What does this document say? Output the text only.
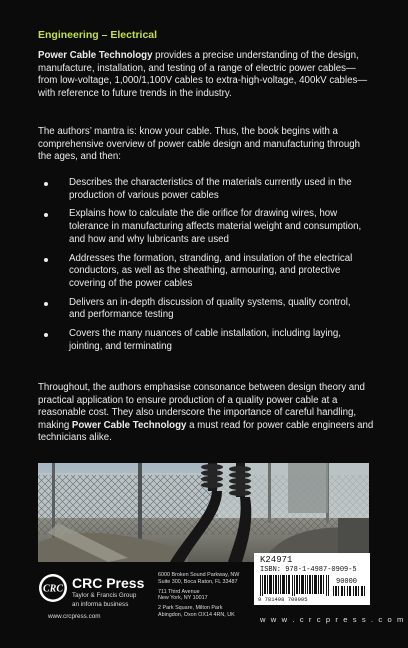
Engineering – Electrical
Power Cable Technology provides a precise understanding of the design, manufacture, installation, and testing of a range of electric power cables—from low-voltage, 1,000/1,100V cables to extra-high-voltage, 400kV cables—with reference to future trends in the industry.
The authors’ mantra is: know your cable. Thus, the book begins with a comprehensive overview of power cable design and manufacturing through the ages, and then:
Describes the characteristics of the materials currently used in the production of various power cables
Explains how to calculate the die orifice for drawing wires, how tolerance in manufacturing affects material weight and consumption, and how and why lubricants are used
Addresses the formation, stranding, and insulation of the electrical conductors, as well as the sheathing, armouring, and protective covering of the power cables
Delivers an in-depth discussion of quality systems, quality control, and performance testing
Covers the many nuances of cable installation, including laying, jointing, and terminating
Throughout, the authors emphasise consonance between design theory and practical application to ensure production of a quality power cable at a reasonable cost. They also underscore the importance of careful handling, making Power Cable Technology a must read for power cable engineers and technicians alike.
CRC CRC Press
Taylor & Francis Group
an informa business
www.crcpress.com
6000 Broken Sound Parkway, NW
Suite 300, Boca Raton, FL 33487
711 Third Avenue
New York, NY 10017
2 Park Square, Milton Park
Abingdon, Oxon OX14 4RN, UK
K24971
ISBN: 978-1-4987-0909-5
90000
9 781498 709095
w w w . c r c p r e s s . c o m
